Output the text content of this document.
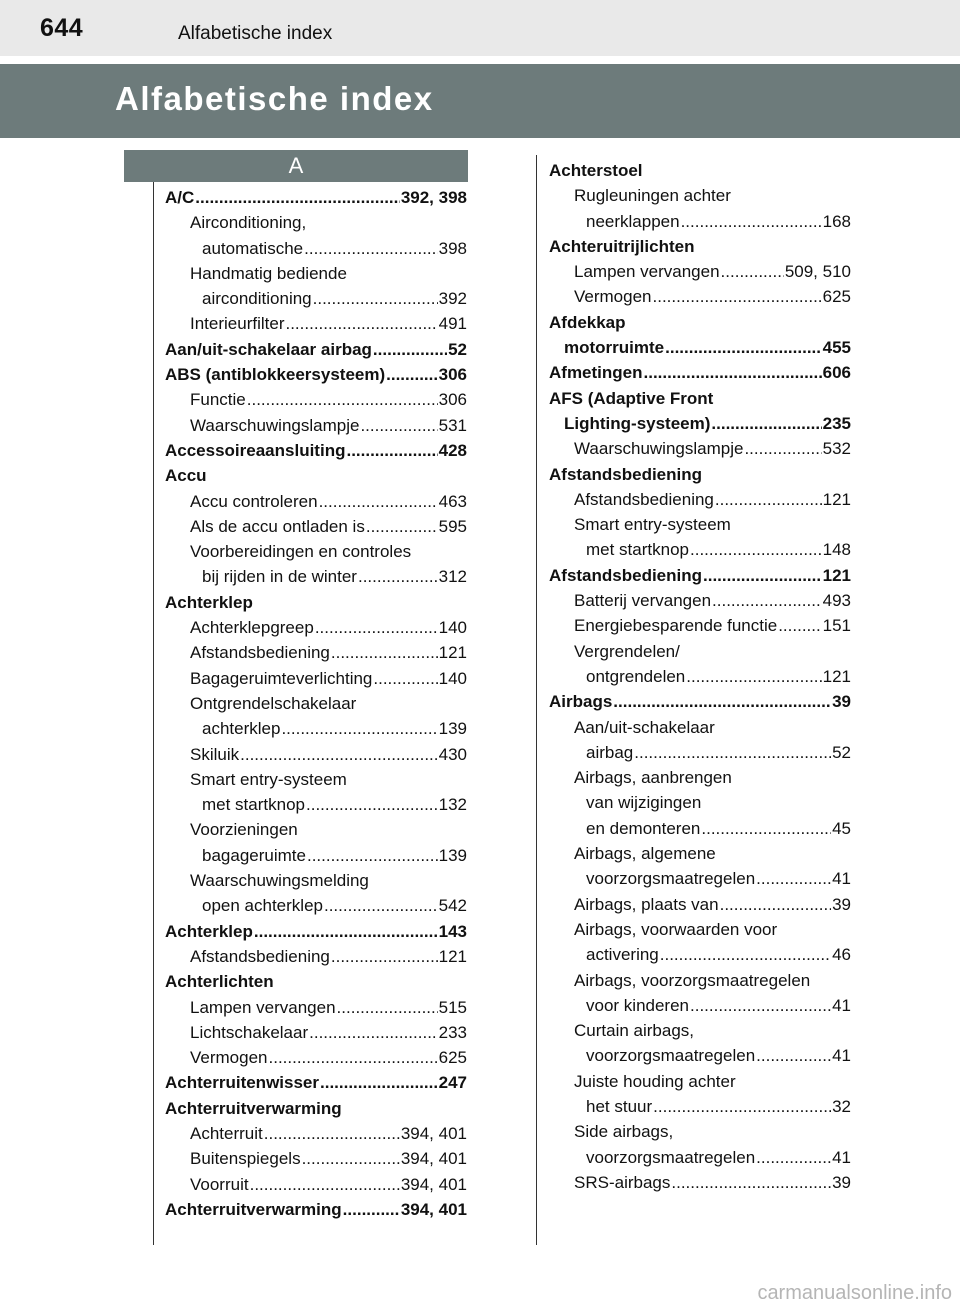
644	Alfabetische index
Alfabetische index
A
A/C .....	392, 398
Airconditioning,
automatische .....	398
Handmatig bediende
airconditioning .....	392
Interieurfilter .....	491
Aan/uit-schakelaar airbag .....	52
ABS (antiblokkeersysteem) .....	306
Functie .....	306
Waarschuwingslampje .....	531
Accessoireaansluiting .....	428
Accu
Accu controleren .....	463
Als de accu ontladen is .....	595
Voorbereidingen en controles
bij rijden in de winter .....	312
Achterklep
Achterklepgreep .....	140
Afstandsbediening .....	121
Bagageruimteverlichting .....	140
Ontgrendelschakelaar
achterklep .....	139
Skiluik .....	430
Smart entry-systeem
met startknop .....	132
Voorzieningen
bagageruimte .....	139
Waarschuwingsmelding
open achterklep .....	542
Achterklep .....	143
Afstandsbediening .....	121
Achterlichten
Lampen vervangen .....	515
Lichtschakelaar .....	233
Vermogen .....	625
Achterruitenwisser .....	247
Achterruitverwarming
Achterruit .....	394, 401
Buitenspiegels .....	394, 401
Voorruit .....	394, 401
Achterruitverwarming .....	394, 401
Achterstoel
Rugleuningen achter
neerklappen .....	168
Achteruitrijlichten
Lampen vervangen .....	509, 510
Vermogen .....	625
Afdekkap
motorruimte .....	455
Afmetingen .....	606
AFS (Adaptive Front
Lighting-systeem) .....	235
Waarschuwingslampje .....	532
Afstandsbediening
Afstandsbediening .....	121
Smart entry-systeem
met startknop .....	148
Afstandsbediening .....	121
Batterij vervangen .....	493
Energiebesparende functie .....	151
Vergrendelen/
ontgrendelen .....	121
Airbags .....	39
Aan/uit-schakelaar
airbag .....	52
Airbags, aanbrengen
van wijzigingen
en demonteren .....	45
Airbags, algemene
voorzorgsmaatregelen .....	41
Airbags, plaats van .....	39
Airbags, voorwaarden voor
activering .....	46
Airbags, voorzorgsmaatregelen
voor kinderen .....	41
Curtain airbags,
voorzorgsmaatregelen .....	41
Juiste houding achter
het stuur .....	32
Side airbags,
voorzorgsmaatregelen .....	41
SRS-airbags .....	39
carmanualsonline.info
